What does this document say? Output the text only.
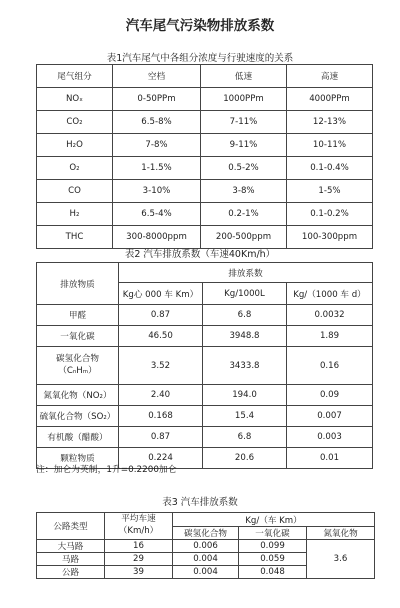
汽车尾气污染物排放系数
表1汽车尾气中各组分浓度与行驶速度的关系
尾气组分	空档	低速	高速
NOₓ	0-50PPm	1000PPm	4000PPm
CO₂	6.5-8%	7-11%	12-13%
H₂O	7-8%	9-11%	10-11%
O₂	1-1.5%	0.5-2%	0.1-0.4%
CO	3-10%	3-8%	1-5%
H₂	6.5-4%	0.2-1%	0.1-0.2%
THC	300-8000ppm	200-500ppm	100-300ppm
表2 汽车排放系数（车速40Km/h）
排放物质	排放系数		
	Kg心 000 车 Km）	Kg/1000L	Kg/（1000 车 d）
甲醛	0.87	6.8	0.0032
一氧化碳	46.50	3948.8	1.89
碳氢化合物
（CₙHₘ）	3.52	3433.8	0.16
氮氧化物（NO₂）	2.40	194.0	0.09
硫氧化合物（SO₂）	0.168	15.4	0.007
有机酸（醋酸）	0.87	6.8	0.003
颗粒物质	0.224	20.6	0.01
注：加仑为英制，1升=0.2200加仑
表3 汽车排放系数
公路类型	平均车速
（Km/h）	Kg/（车 Km）		
		碳氢化合物	一氧化碳	氮氧化物
大马路	16	0.006	0.099	3.6
马路	29	0.004	0.059	
公路	39	0.004	0.048	
